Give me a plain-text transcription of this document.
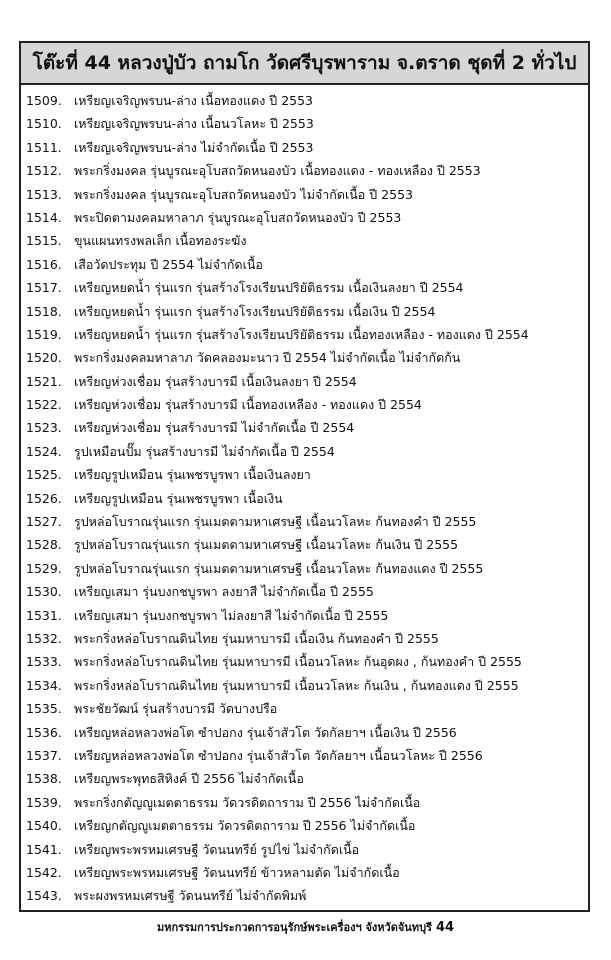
โต๊ะที่ 44 หลวงปู่บัว ถามโก วัดศรีบุรพาราม จ.ตราด ชุดที่ 2 ทั่วไป
1509. เหรียญเจริญพรบน-ล่าง เนื้อทองแดง ปี 2553
1510. เหรียญเจริญพรบน-ล่าง เนื้อนวโลหะ ปี 2553
1511. เหรียญเจริญพรบน-ล่าง ไม่จำกัดเนื้อ ปี 2553
1512. พระกริ่งมงคล รุ่นบูรณะอุโบสถวัดหนองบัว เนื้อทองแดง - ทองเหลือง ปี 2553
1513. พระกริ่งมงคล รุ่นบูรณะอุโบสถวัดหนองบัว ไม่จำกัดเนื้อ ปี 2553
1514. พระปิดตามงคลมหาลาภ รุ่นบูรณะอุโบสถวัดหนองบัว ปี 2553
1515. ขุนแผนทรงพลเล็ก เนื้อทองระฆัง
1516. เสือวัดประทุม ปี 2554 ไม่จำกัดเนื้อ
1517. เหรียญหยดน้ำ รุ่นแรก รุ่นสร้างโรงเรียนปริยัติธรรม เนื้อเงินลงยา ปี 2554
1518. เหรียญหยดน้ำ รุ่นแรก รุ่นสร้างโรงเรียนปริยัติธรรม เนื้อเงิน ปี 2554
1519. เหรียญหยดน้ำ รุ่นแรก รุ่นสร้างโรงเรียนปริยัติธรรม เนื้อทองเหลือง - ทองแดง ปี 2554
1520. พระกริ่งมงคลมหาลาภ วัดคลองมะนาว ปี 2554 ไม่จำกัดเนื้อ ไม่จำกัดก้น
1521. เหรียญห่วงเชื่อม รุ่นสร้างบารมี เนื้อเงินลงยา ปี 2554
1522. เหรียญห่วงเชื่อม รุ่นสร้างบารมี เนื้อทองเหลือง - ทองแดง ปี 2554
1523. เหรียญห่วงเชื่อม รุ่นสร้างบารมี ไม่จำกัดเนื้อ ปี 2554
1524. รูปเหมือนปั๊ม รุ่นสร้างบารมี ไม่จำกัดเนื้อ ปี 2554
1525. เหรียญรูปเหมือน รุ่นเพชรบูรพา เนื้อเงินลงยา
1526. เหรียญรูปเหมือน รุ่นเพชรบูรพา เนื้อเงิน
1527. รูปหล่อโบราณรุ่นแรก รุ่นเมตตามหาเศรษฐี เนื้อนวโลหะ ก้นทองคำ ปี 2555
1528. รูปหล่อโบราณรุ่นแรก รุ่นเมตตามหาเศรษฐี เนื้อนวโลหะ ก้นเงิน ปี 2555
1529. รูปหล่อโบราณรุ่นแรก รุ่นเมตตามหาเศรษฐี เนื้อนวโลหะ ก้นทองแดง ปี 2555
1530. เหรียญเสมา รุ่นบงกชบูรพา ลงยาสี ไม่จำกัดเนื้อ ปี 2555
1531. เหรียญเสมา รุ่นบงกชบูรพา ไม่ลงยาสี ไม่จำกัดเนื้อ ปี 2555
1532. พระกริ่งหล่อโบราณดินไทย รุ่นมหาบารมี เนื้อเงิน ก้นทองคำ ปี 2555
1533. พระกริ่งหล่อโบราณดินไทย รุ่นมหาบารมี เนื้อนวโลหะ ก้นอุดผง , ก้นทองคำ ปี 2555
1534. พระกริ่งหล่อโบราณดินไทย รุ่นมหาบารมี เนื้อนวโลหะ ก้นเงิน , ก้นทองแดง ปี 2555
1535. พระชัยวัฒน์ รุ่นสร้างบารมี วัดบางปรือ
1536. เหรียญหล่อหลวงพ่อโต ซำปอกง รุ่นเจ้าสัวโต วัดกัลยาฯ เนื้อเงิน ปี 2556
1537. เหรียญหล่อหลวงพ่อโต ซำปอกง รุ่นเจ้าสัวโต วัดกัลยาฯ เนื้อนวโลหะ ปี 2556
1538. เหรียญพระพุทธสิหิงค์ ปี 2556 ไม่จำกัดเนื้อ
1539. พระกริ่งกตัญญูเมตตาธรรม วัดวรดิตถาราม ปี 2556 ไม่จำกัดเนื้อ
1540. เหรียญกตัญญูเมตตาธรรม วัดวรดิตถาราม ปี 2556 ไม่จำกัดเนื้อ
1541. เหรียญพระพรหมเศรษฐี วัดนนทรีย์ รูปไข่ ไม่จำกัดเนื้อ
1542. เหรียญพระพรหมเศรษฐี วัดนนทรีย์ ข้าวหลามตัด ไม่จำกัดเนื้อ
1543. พระผงพรหมเศรษฐี วัดนนทรีย์ ไม่จำกัดพิมพ์
มหกรรมการประกวดการอนุรักษ์พระเครื่องฯ จังหวัดจันทบุรี 44
